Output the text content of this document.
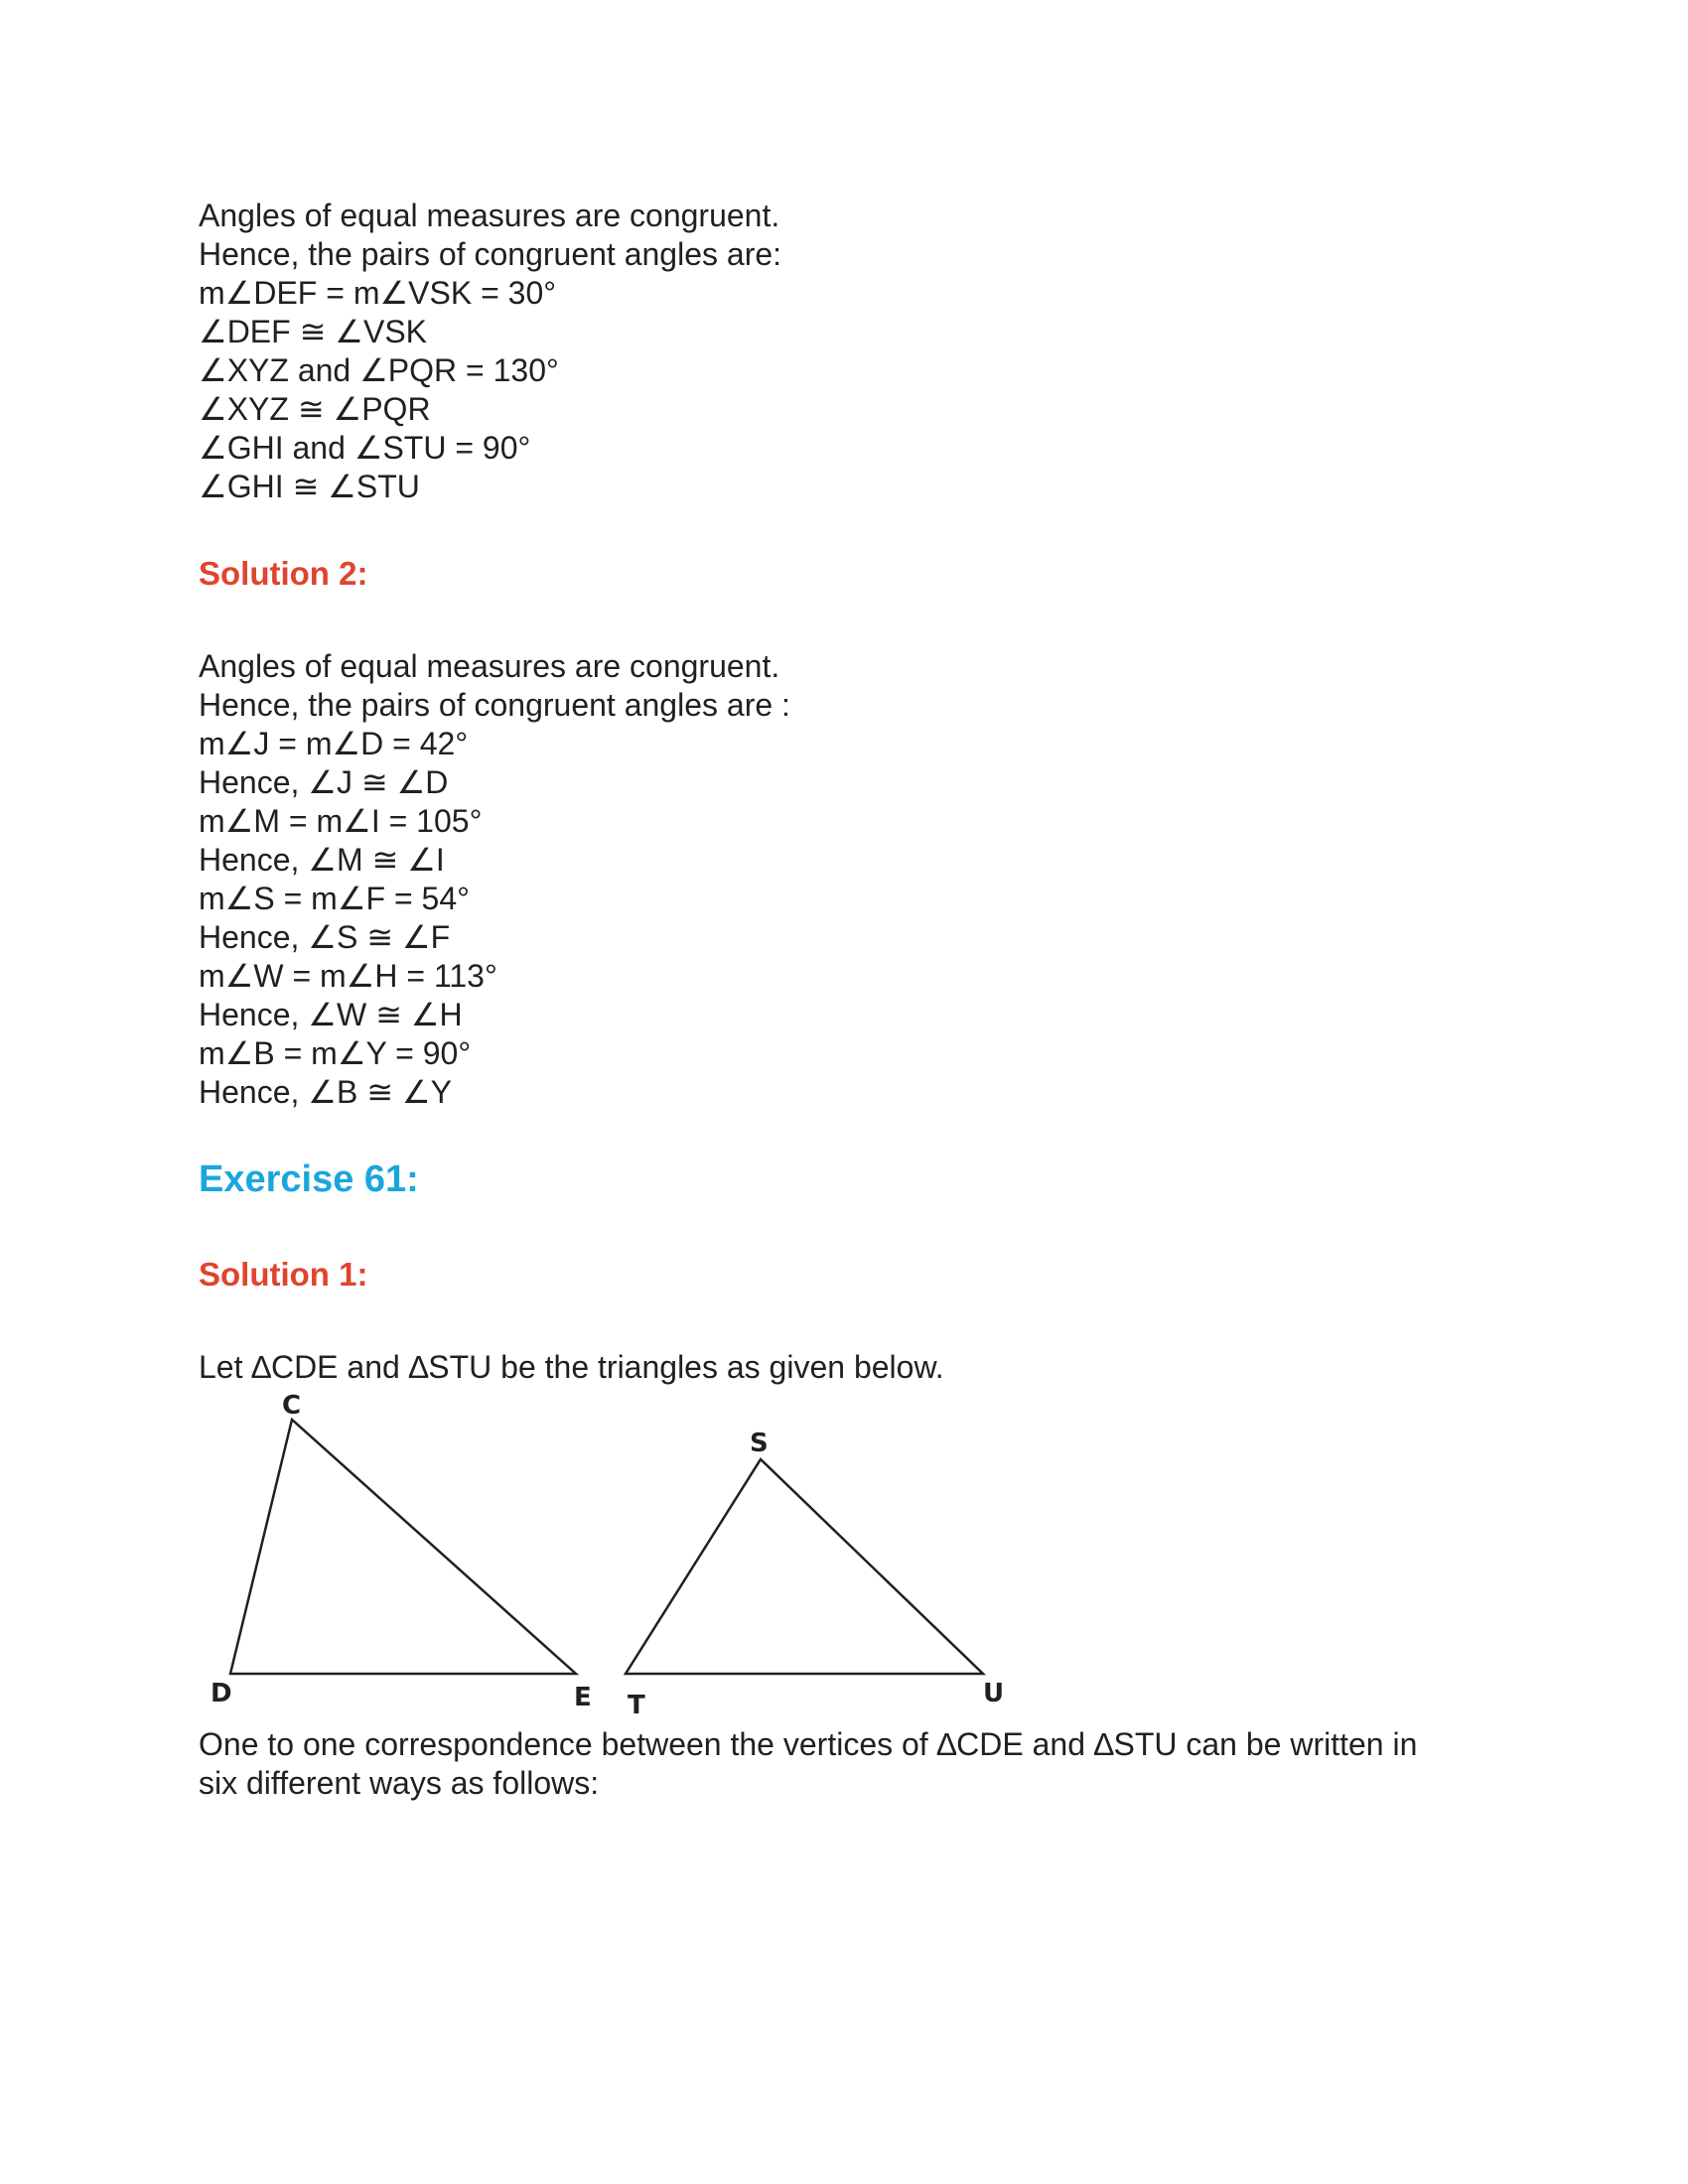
Angles of equal measures are congruent.
Hence, the pairs of congruent angles are:
m∠DEF = m∠VSK = 30°
∠DEF ≅ ∠VSK
∠XYZ and ∠PQR = 130°
∠XYZ ≅ ∠PQR
∠GHI and ∠STU = 90°
∠GHI ≅ ∠STU
Solution 2:
Angles of equal measures are congruent.
Hence, the pairs of congruent angles are :
m∠J = m∠D = 42°
Hence, ∠J ≅ ∠D
m∠M = m∠I = 105°
Hence, ∠M ≅ ∠I
m∠S = m∠F = 54°
Hence, ∠S ≅ ∠F
m∠W = m∠H = 113°
Hence, ∠W ≅ ∠H
m∠B = m∠Y = 90°
Hence, ∠B ≅ ∠Y
Exercise 61:
Solution 1:
Let ∆CDE and ∆STU be the triangles as given below.
C
D	E
S
T	U
One to one correspondence between the vertices of ∆CDE and ∆STU can be written in
six different ways as follows:
